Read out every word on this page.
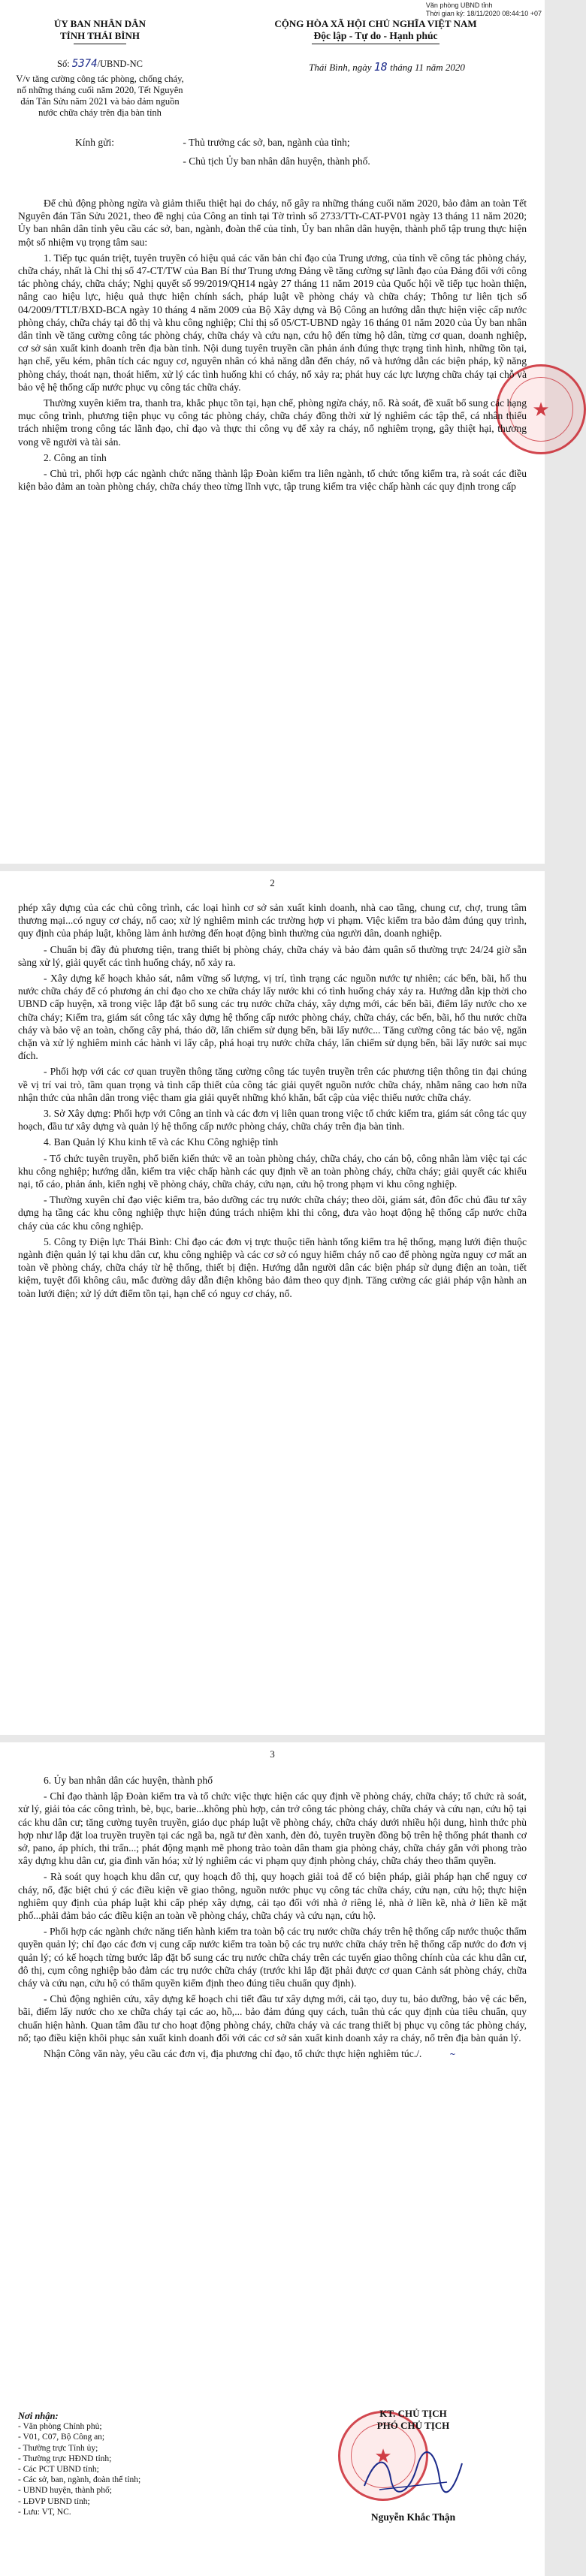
Văn phòng UBND tỉnh
Thời gian ký: 18/11/2020 08:44:10 +07
ỦY BAN NHÂN DÂN
TỈNH THÁI BÌNH
CỘNG HÒA XÃ HỘI CHỦ NGHĨA VIỆT NAM
Độc lập - Tự do - Hạnh phúc
Số: 5374/UBND-NC
V/v tăng cường công tác phòng, chống cháy, nổ những tháng cuối năm 2020, Tết Nguyên đán Tân Sửu năm 2021 và bảo đảm nguồn nước chữa cháy trên địa bàn tỉnh
Thái Bình, ngày 18 tháng 11 năm 2020
Kính gửi:	- Thủ trưởng các sở, ban, ngành của tỉnh;
- Chủ tịch Ủy ban nhân dân huyện, thành phố.
★

Để chủ động phòng ngừa và giảm thiểu thiệt hại do cháy, nổ gây ra những tháng cuối năm 2020, bảo đảm an toàn Tết Nguyên đán Tân Sửu 2021, theo đề nghị của Công an tỉnh tại Tờ trình số 2733/TTr-CAT-PV01 ngày 13 tháng 11 năm 2020; Ủy ban nhân dân tỉnh yêu cầu các sở, ban, ngành, đoàn thể của tỉnh, Ủy ban nhân dân huyện, thành phố tập trung thực hiện một số nhiệm vụ trọng tâm sau:

1. Tiếp tục quán triệt, tuyên truyền có hiệu quả các văn bản chỉ đạo của Trung ương, của tỉnh về công tác phòng cháy, chữa cháy, nhất là Chỉ thị số 47-CT/TW của Ban Bí thư Trung ương Đảng về tăng cường sự lãnh đạo của Đảng đối với công tác phòng cháy, chữa cháy; Nghị quyết số 99/2019/QH14 ngày 27 tháng 11 năm 2019 của Quốc hội về tiếp tục hoàn thiện, nâng cao hiệu lực, hiệu quả thực hiện chính sách, pháp luật về phòng cháy và chữa cháy; Thông tư liên tịch số 04/2009/TTLT/BXD-BCA ngày 10 tháng 4 năm 2009 của Bộ Xây dựng và Bộ Công an hướng dẫn thực hiện việc cấp nước phòng cháy, chữa cháy tại đô thị và khu công nghiệp; Chỉ thị số 05/CT-UBND ngày 16 tháng 01 năm 2020 của Ủy ban nhân dân tỉnh về tăng cường công tác phòng cháy, chữa cháy và cứu nạn, cứu hộ đến từng hộ dân, từng cơ quan, doanh nghiệp, cơ sở sản xuất kinh doanh trên địa bàn tỉnh. Nội dung tuyên truyền cần phản ánh đúng thực trạng tình hình, những tồn tại, hạn chế, yếu kém, phân tích các nguy cơ, nguyên nhân có khả năng dẫn đến cháy, nổ và hướng dẫn các biện pháp, kỹ năng phòng cháy, thoát nạn, thoát hiểm, xử lý các tình huống khi có cháy, nổ xảy ra; phát huy các lực lượng chữa cháy tại chỗ và bảo vệ hệ thống cấp nước phục vụ công tác chữa cháy.

Thường xuyên kiểm tra, thanh tra, khắc phục tồn tại, hạn chế, phòng ngừa cháy, nổ. Rà soát, đề xuất bổ sung các hạng mục công trình, phương tiện phục vụ công tác phòng cháy, chữa cháy đồng thời xử lý nghiêm các tập thể, cá nhân thiếu trách nhiệm trong công tác lãnh đạo, chỉ đạo và thực thi công vụ để xảy ra cháy, nổ nghiêm trọng, gây thiệt hại, thương vong về người và tài sản.

2. Công an tỉnh

- Chủ trì, phối hợp các ngành chức năng thành lập Đoàn kiểm tra liên ngành, tổ chức tổng kiểm tra, rà soát các điều kiện bảo đảm an toàn phòng cháy, chữa cháy theo từng lĩnh vực, tập trung kiểm tra việc chấp hành các quy định trong cấp

2

phép xây dựng của các chủ công trình, các loại hình cơ sở sản xuất kinh doanh, nhà cao tầng, chung cư, chợ, trung tâm thương mại...có nguy cơ cháy, nổ cao; xử lý nghiêm minh các trường hợp vi phạm. Việc kiểm tra bảo đảm đúng quy trình, quy định của pháp luật, không làm ảnh hưởng đến hoạt động bình thường của người dân, doanh nghiệp.

- Chuẩn bị đầy đủ phương tiện, trang thiết bị phòng cháy, chữa cháy và bảo đảm quân số thường trực 24/24 giờ sẵn sàng xử lý, giải quyết các tình huống cháy, nổ xảy ra.

- Xây dựng kế hoạch khảo sát, nắm vững số lượng, vị trí, tình trạng các nguồn nước tự nhiên; các bến, bãi, hố thu nước chữa cháy để có phương án chỉ đạo cho xe chữa cháy lấy nước khi có tình huống cháy xảy ra. Hướng dẫn kịp thời cho UBND cấp huyện, xã trong việc lắp đặt bổ sung các trụ nước chữa cháy, xây dựng mới, các bến bãi, điểm lấy nước cho xe chữa cháy; Kiểm tra, giám sát công tác xây dựng hệ thống cấp nước phòng cháy, chữa cháy, các bến, bãi, hố thu nước chữa cháy và bảo vệ an toàn, chống cây phá, tháo dỡ, lấn chiếm sử dụng bến, bãi lấy nước... Tăng cường công tác bảo vệ, ngăn chặn và xử lý nghiêm minh các hành vi lấy cắp, phá hoại trụ nước chữa cháy, lấn chiếm sử dụng bến, bãi lấy nước sai mục đích.

- Phối hợp với các cơ quan truyền thông tăng cường công tác tuyên truyền trên các phương tiện thông tin đại chúng về vị trí vai trò, tầm quan trọng và tình cấp thiết của công tác giải quyết nguồn nước chữa cháy, nhằm nâng cao hơn nữa nhận thức của nhân dân trong việc tham gia giải quyết những khó khăn, bất cập của việc thiếu nước chữa cháy.

3. Sở Xây dựng: Phối hợp với Công an tỉnh và các đơn vị liên quan trong việc tổ chức kiểm tra, giám sát công tác quy hoạch, đầu tư xây dựng và quản lý hệ thống cấp nước phòng cháy, chữa cháy trên địa bàn tỉnh.

4. Ban Quản lý Khu kinh tế và các Khu Công nghiệp tỉnh

- Tổ chức tuyên truyền, phổ biến kiến thức về an toàn phòng cháy, chữa cháy, cho cán bộ, công nhân làm việc tại các khu công nghiệp; hướng dẫn, kiểm tra việc chấp hành các quy định về an toàn phòng cháy, chữa cháy; giải quyết các khiếu nại, tố cáo, phản ánh, kiến nghị về phòng cháy, chữa cháy, cứu nạn, cứu hộ trong phạm vi khu công nghiệp.

- Thường xuyên chỉ đạo việc kiểm tra, bảo dưỡng các trụ nước chữa cháy; theo dõi, giám sát, đôn đốc chủ đầu tư xây dựng hạ tầng các khu công nghiệp thực hiện đúng trách nhiệm khi thi công, đưa vào hoạt động hệ thống cấp nước chữa cháy của các khu công nghiệp.

5. Công ty Điện lực Thái Bình: Chỉ đạo các đơn vị trực thuộc tiến hành tổng kiểm tra hệ thống, mạng lưới điện thuộc ngành điện quản lý tại khu dân cư, khu công nghiệp và các cơ sở có nguy hiểm cháy nổ cao để phòng ngừa nguy cơ mất an toàn về phòng cháy, chữa cháy từ hệ thống, thiết bị điện. Hướng dẫn người dân các biện pháp sử dụng điện an toàn, tiết kiệm, tuyệt đối không câu, mắc đường dây dẫn điện không bảo đảm theo quy định. Tăng cường các giải pháp vận hành an toàn lưới điện; xử lý dứt điểm tồn tại, hạn chế có nguy cơ cháy, nổ.

3

6. Ủy ban nhân dân các huyện, thành phố

- Chỉ đạo thành lập Đoàn kiểm tra và tổ chức việc thực hiện các quy định về phòng cháy, chữa cháy; tổ chức rà soát, xử lý, giải tỏa các công trình, bè, bục, barie...không phù hợp, cản trở công tác phòng cháy, chữa cháy và cứu nạn, cứu hộ tại các khu dân cư; tăng cường tuyên truyền, giáo dục pháp luật về phòng cháy, chữa cháy dưới nhiều hội dung, hình thức phù hợp như lắp đặt loa truyền truyền tại các ngã ba, ngã tư đèn xanh, đèn đỏ, tuyên truyền đồng bộ trên hệ thống phát thanh cơ sở, pano, áp phích, thi trấn...; phát động mạnh mẽ phong trào toàn dân tham gia phòng cháy, chữa cháy gắn với phong trào xây dựng khu dân cư, gia đình văn hóa; xử lý nghiêm các vi phạm quy định phòng cháy, chữa cháy theo thẩm quyền.

- Rà soát quy hoạch khu dân cư, quy hoạch đô thị, quy hoạch giải toả để có biện pháp, giải pháp hạn chế nguy cơ cháy, nổ, đặc biệt chú ý các điều kiện về giao thông, nguồn nước phục vụ công tác chữa cháy, cứu nạn, cứu hộ; thực hiện nghiêm quy định của pháp luật khi cấp phép xây dựng, cải tạo đối với nhà ở riêng lẻ, nhà ở liền kề, nhà ở liền kề mặt phố...phải đảm bảo các điều kiện an toàn về phòng cháy, chữa cháy và cứu nạn, cứu hộ.

- Phối hợp các ngành chức năng tiến hành kiểm tra toàn bộ các trụ nước chữa cháy trên hệ thống cấp nước thuộc thẩm quyền quản lý; chỉ đạo các đơn vị cung cấp nước kiểm tra toàn bộ các trụ nước chữa cháy trên hệ thống cấp nước do đơn vị quản lý; có kế hoạch từng bước lắp đặt bổ sung các trụ nước chữa cháy trên các tuyến giao thông chính của các khu dân cư, đô thị, cụm công nghiệp bảo đảm các trụ nước chữa cháy (trước khi lắp đặt phải được cơ quan Cảnh sát phòng cháy, chữa cháy và cứu nạn, cứu hộ có thẩm quyền kiểm định theo đúng tiêu chuẩn quy định).

- Chủ động nghiên cứu, xây dựng kế hoạch chi tiết đầu tư xây dựng mới, cải tạo, duy tu, bảo dưỡng, bảo vệ các bến, bãi, điểm lấy nước cho xe chữa cháy tại các ao, hồ,... bảo đảm đúng quy cách, tuân thủ các quy định của tiêu chuẩn, quy chuẩn hiện hành. Quan tâm đầu tư cho hoạt động phòng cháy, chữa cháy và các trang thiết bị phục vụ công tác phòng cháy, nổ; tạo điều kiện khôi phục sản xuất kinh doanh đối với các cơ sở sản xuất kinh doanh xảy ra cháy, nổ trên địa bàn quản lý.

Nhận Công văn này, yêu cầu các đơn vị, địa phương chỉ đạo, tổ chức thực hiện nghiêm túc./.	~

Nơi nhận:
- Văn phòng Chính phủ;
- V01, C07, Bộ Công an;
- Thường trực Tỉnh ủy;
- Thường trực HĐND tỉnh;
- Các PCT UBND tỉnh;
- Các sở, ban, ngành, đoàn thể tỉnh;
- UBND huyện, thành phố;
- LĐVP UBND tỉnh;
- Lưu: VT, NC.
★
KT. CHỦ TỊCH
PHÓ CHỦ TỊCH
Nguyễn Khắc Thận
